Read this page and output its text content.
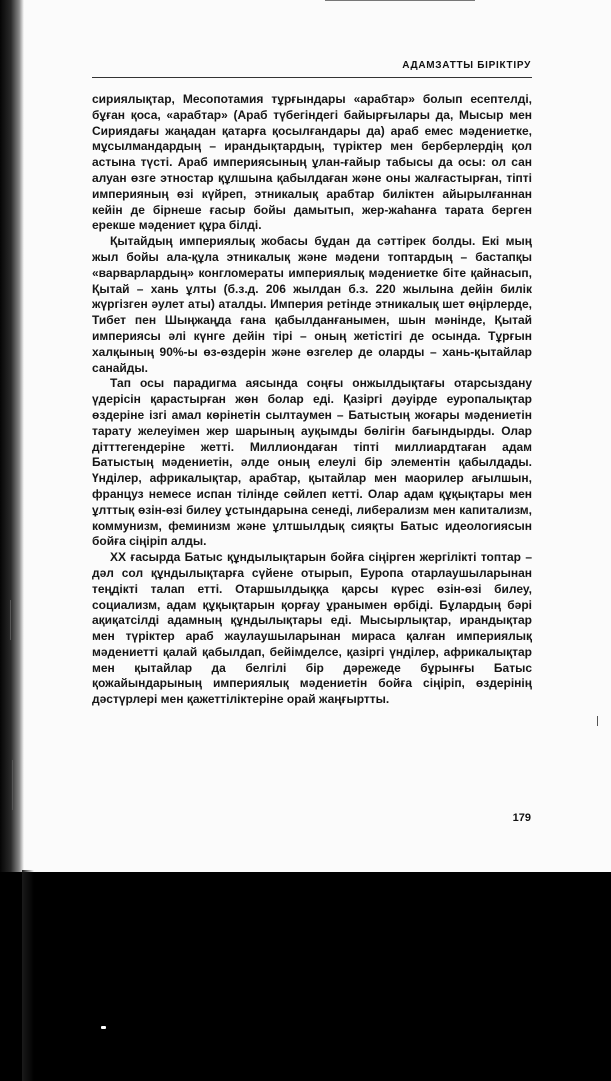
АДАМЗАТТЫ БІРІКТІРУ

сириялықтар, Месопотамия тұрғындары «арабтар» болып есептелді, бұған қоса, «арабтар» (Араб түбегіндегі байырғылары да, Мысыр мен Сириядағы жаңадан қатарға қосылғандары да) араб емес мәдениетке, мұсылмандардың – ирандықтардың, түріктер мен берберлердің қол астына түсті. Араб империясының ұлан-ғайыр табысы да осы: ол сан алуан өзге этностар құлшына қабылдаған және оны жалғастырған, тіпті империяның өзі күйреп, этникалық арабтар биліктен айырылғаннан кейін де бірнеше ғасыр бойы дамытып, жер-жаһанға тарата берген ерекше мәдениет құра білді.

Қытайдың империялық жобасы бұдан да сәттірек болды. Екі мың жыл бойы ала-құла этникалық және мәдени топтардың – бастапқы «варварлардың» конгломераты империялық мәдениетке біте қайнасып, Қытай – хань ұлты (б.з.д. 206 жылдан б.з. 220 жылына дейін билік жүргізген әулет аты) аталды. Империя ретінде этникалық шет өңірлерде, Тибет пен Шыңжаңда ғана қабылданғанымен, шын мәнінде, Қытай империясы әлі күнге дейін тірі – оның жетістігі де осында. Тұрғын халқының 90%-ы өз-өздерін және өзгелер де оларды – хань-қытайлар санайды.

Тап осы парадигма аясында соңғы онжылдықтағы отарсыздану үдерісін қарастырған жөн болар еді. Қазіргі дәуірде еуропалықтар өздеріне ізгі амал көрінетін сылтаумен – Батыстың жоғары мәдениетін тарату желеуімен жер шарының ауқымды бөлігін бағындырды. Олар дітттегендеріне жетті. Миллиондаған тіпті миллиардтаған адам Батыстың мәдениетін, әлде оның елеулі бір элементін қабылдады. Үнділер, африкалықтар, арабтар, қытайлар мен маорилер ағылшын, француз немесе испан тілінде сөйлеп кетті. Олар адам құқықтары мен ұлттық өзін-өзі билеу ұстындарына сенеді, либерализм мен капитализм, коммунизм, феминизм және ұлтшылдық сияқты Батыс идеологиясын бойға сіңіріп алды.

XX ғасырда Батыс құндылықтарын бойға сіңірген жергілікті топтар – дәл сол құндылықтарға сүйене отырып, Еуропа отарлаушыларынан теңдікті талап етті. Отаршылдыққа қарсы күрес өзін-өзі билеу, социализм, адам құқықтарын қорғау ұранымен өрбіді. Бұлардың бәрі ақиқатсілді адамның құндылықтары еді. Мысырлықтар, ирандықтар мен түріктер араб жаулаушыларынан мираса қалған империялық мәдениетті қалай қабылдап, бейімделсе, қазіргі үнділер, африкалықтар мен қытайлар да белгілі бір дәрежеде бұрынғы Батыс қожайындарының империялық мәдениетін бойға сіңіріп, өздерінің дәстүрлері мен қажеттіліктеріне орай жаңғыртты.

179
